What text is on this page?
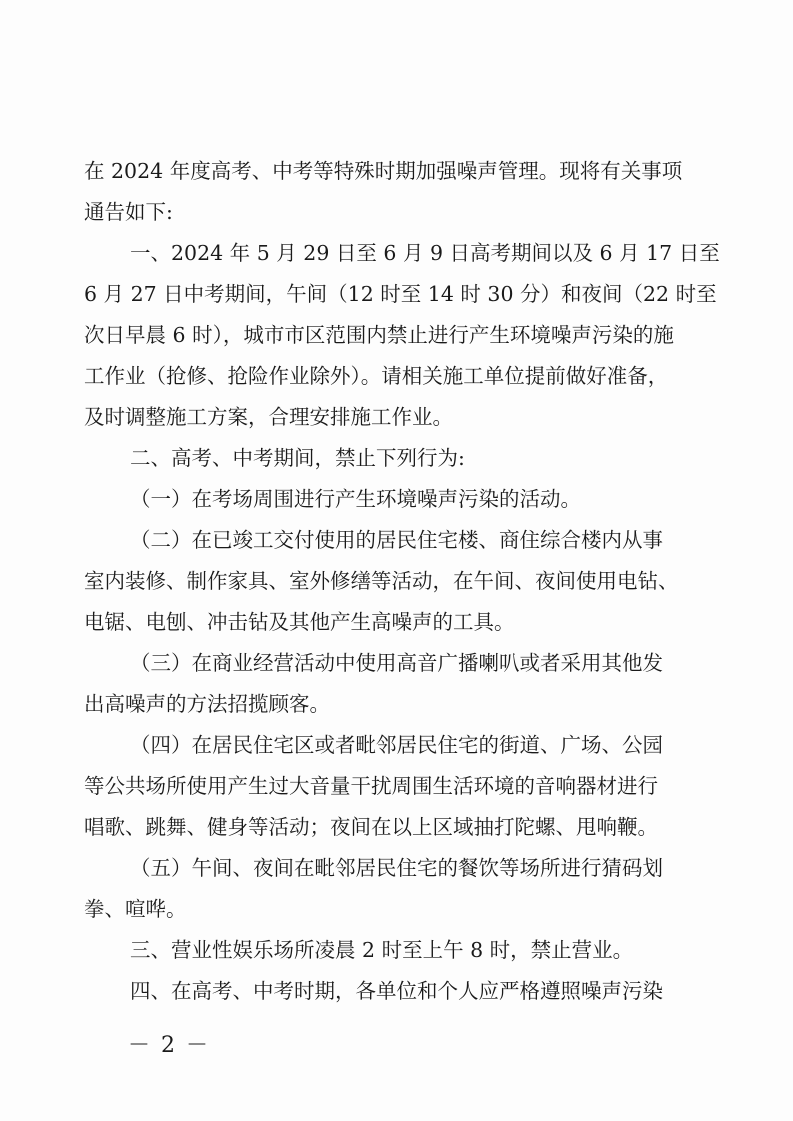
在 2024 年度高考、中考等特殊时期加强噪声管理。现将有关事项
通告如下:
一、2024 年 5 月 29 日至 6 月 9 日高考期间以及 6 月 17 日至
6 月 27 日中考期间，午间（12 时至 14 时 30 分）和夜间（22 时至
次日早晨 6 时），城市市区范围内禁止进行产生环境噪声污染的施
工作业（抢修、抢险作业除外）。请相关施工单位提前做好准备，
及时调整施工方案，合理安排施工作业。
二、高考、中考期间，禁止下列行为:
（一）在考场周围进行产生环境噪声污染的活动。
（二）在已竣工交付使用的居民住宅楼、商住综合楼内从事
室内装修、制作家具、室外修缮等活动，在午间、夜间使用电钻、
电锯、电刨、冲击钻及其他产生高噪声的工具。
（三）在商业经营活动中使用高音广播喇叭或者采用其他发
出高噪声的方法招揽顾客。
（四）在居民住宅区或者毗邻居民住宅的街道、广场、公园
等公共场所使用产生过大音量干扰周围生活环境的音响器材进行
唱歌、跳舞、健身等活动；夜间在以上区域抽打陀螺、甩响鞭。
（五）午间、夜间在毗邻居民住宅的餐饮等场所进行猜码划
拳、喧哗。
三、营业性娱乐场所凌晨 2 时至上午 8 时，禁止营业。
四、在高考、中考时期，各单位和个人应严格遵照噪声污染
－ 2 －
